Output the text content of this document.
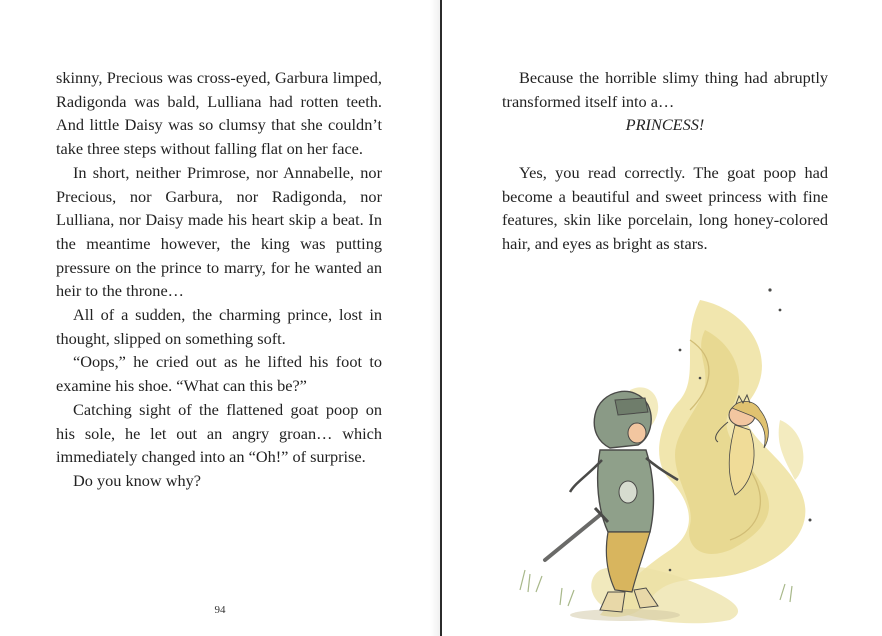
skinny, Precious was cross-eyed, Garbura limped, Radigonda was bald, Lulliana had rotten teeth. And little Daisy was so clumsy that she couldn’t take three steps without falling flat on her face.

In short, neither Primrose, nor Annabelle, nor Precious, nor Garbura, nor Radigonda, nor Lulliana, nor Daisy made his heart skip a beat. In the meantime however, the king was putting pressure on the prince to marry, for he wanted an heir to the throne…

All of a sudden, the charming prince, lost in thought, slipped on something soft.

“Oops,” he cried out as he lifted his foot to examine his shoe. “What can this be?”

Catching sight of the flattened goat poop on his sole, he let out an angry groan… which immediately changed into an “Oh!” of surprise.

Do you know why?

94

Because the horrible slimy thing had abruptly transformed itself into a…

PRINCESS!

Yes, you read correctly. The goat poop had become a beautiful and sweet princess with fine features, skin like porcelain, long honey-colored hair, and eyes as bright as stars.
